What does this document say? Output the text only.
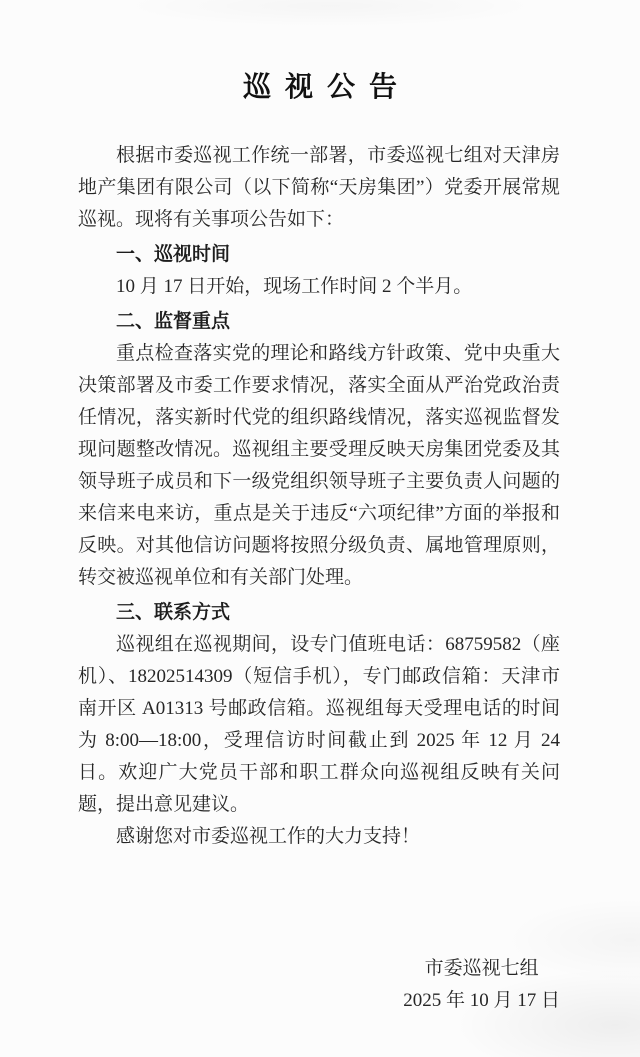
巡视公告

根据市委巡视工作统一部署，市委巡视七组对天津房地产集团有限公司（以下简称“天房集团”）党委开展常规巡视。现将有关事项公告如下：

一、巡视时间

10 月 17 日开始，现场工作时间 2 个半月。

二、监督重点

重点检查落实党的理论和路线方针政策、党中央重大决策部署及市委工作要求情况，落实全面从严治党政治责任情况，落实新时代党的组织路线情况，落实巡视监督发现问题整改情况。巡视组主要受理反映天房集团党委及其领导班子成员和下一级党组织领导班子主要负责人问题的来信来电来访，重点是关于违反“六项纪律”方面的举报和反映。对其他信访问题将按照分级负责、属地管理原则，转交被巡视单位和有关部门处理。

三、联系方式

巡视组在巡视期间，设专门值班电话：68759582（座机）、18202514309（短信手机），专门邮政信箱：天津市南开区 A01313 号邮政信箱。巡视组每天受理电话的时间为 8:00—18:00，受理信访时间截止到 2025 年 12 月 24 日。欢迎广大党员干部和职工群众向巡视组反映有关问题，提出意见建议。

感谢您对市委巡视工作的大力支持！

市委巡视七组
2025 年 10 月 17 日
